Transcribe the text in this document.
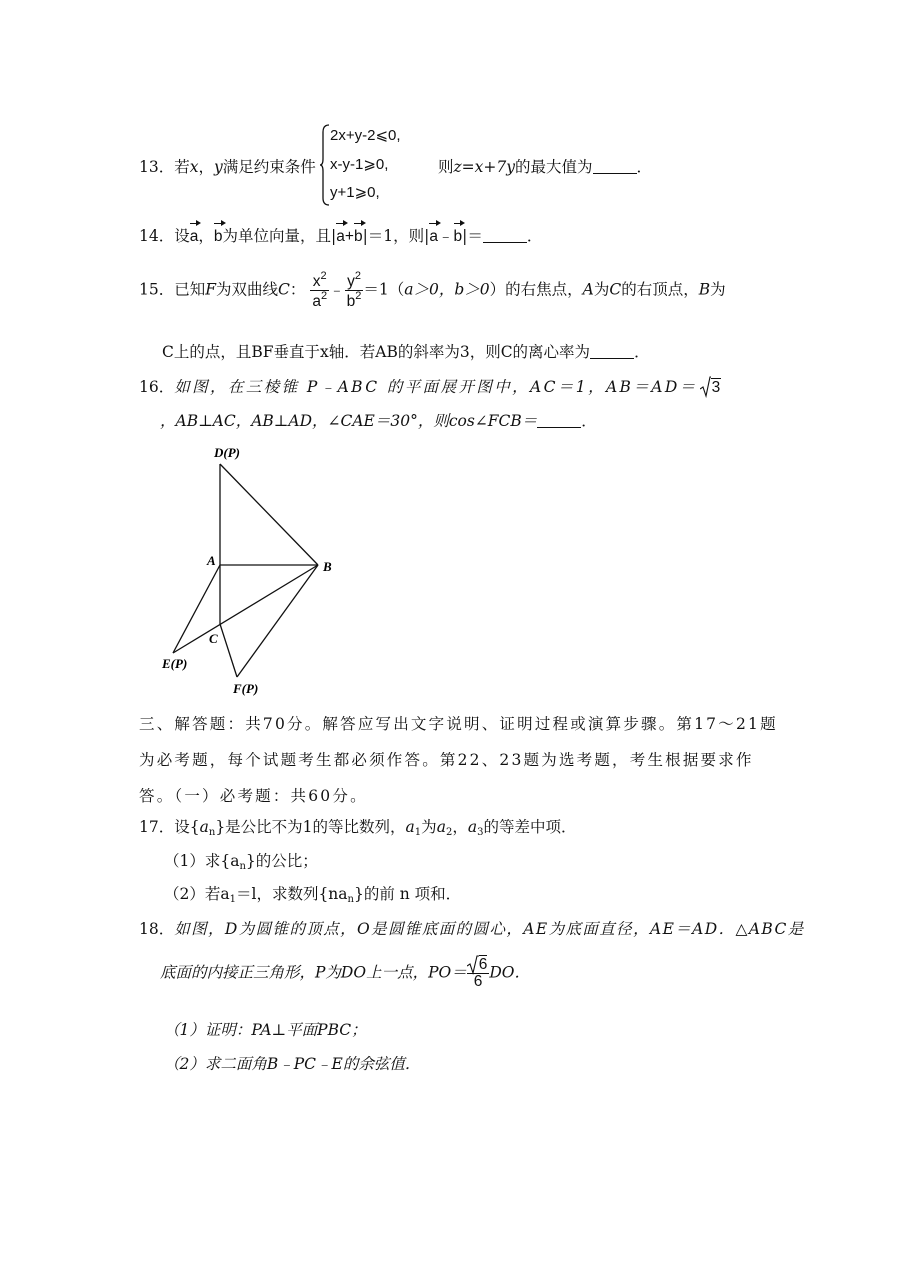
13．若x，y满足约束条件
2x+y-2⩽0,
x-y-1⩾0,
y+1⩾0,
则z=x+7y的最大值为	．
14．设a，b为单位向量，且|a+b|＝1，则|a﹣b|＝	．
15．已知F为双曲线C： $\frac{x^2}{a^2}$ ﹣ $\frac{y^2}{b^2} =1(a>0$，b＞0）的右焦点，A为C的右顶点，B为
C上的点，且BF垂直于x轴．若AB的斜率为3，则C的离心率为	．
16．如图，在三棱锥 P﹣ABC 的平面展开图中，AC＝1，AB＝AD＝ 3
，AB⊥AC，AB⊥AD，∠CAE＝30°，则cos∠FCB＝	．
D(P)
A	B
C
E(P)
F(P)
三、解答题：共70分。解答应写出文字说明、证明过程或演算步骤。第17～21题为必考题，每个试题考生都必须作答。第22、23题为选考题，考生根据要求作答。（一）必考题：共60分。
17．设$\{a_n\}$是公比不为1的等比数列，$a_1$为$a_2$，$a_3$的等差中项．
（1）求$\{a_n\}$的公比；
（2）若$a_1=l$，求数列$\{na_n\}$的前 n 项和．
18．如图，D为圆锥的顶点，O是圆锥底面的圆心，AE为底面直径，AE＝AD．△ABC是
底面的内接正三角形，P为DO上一点，$PO= \frac{6}{6}$ DO．
（1）证明：PA⊥平面PBC；
（2）求二面角B﹣PC﹣E的余弦值．
